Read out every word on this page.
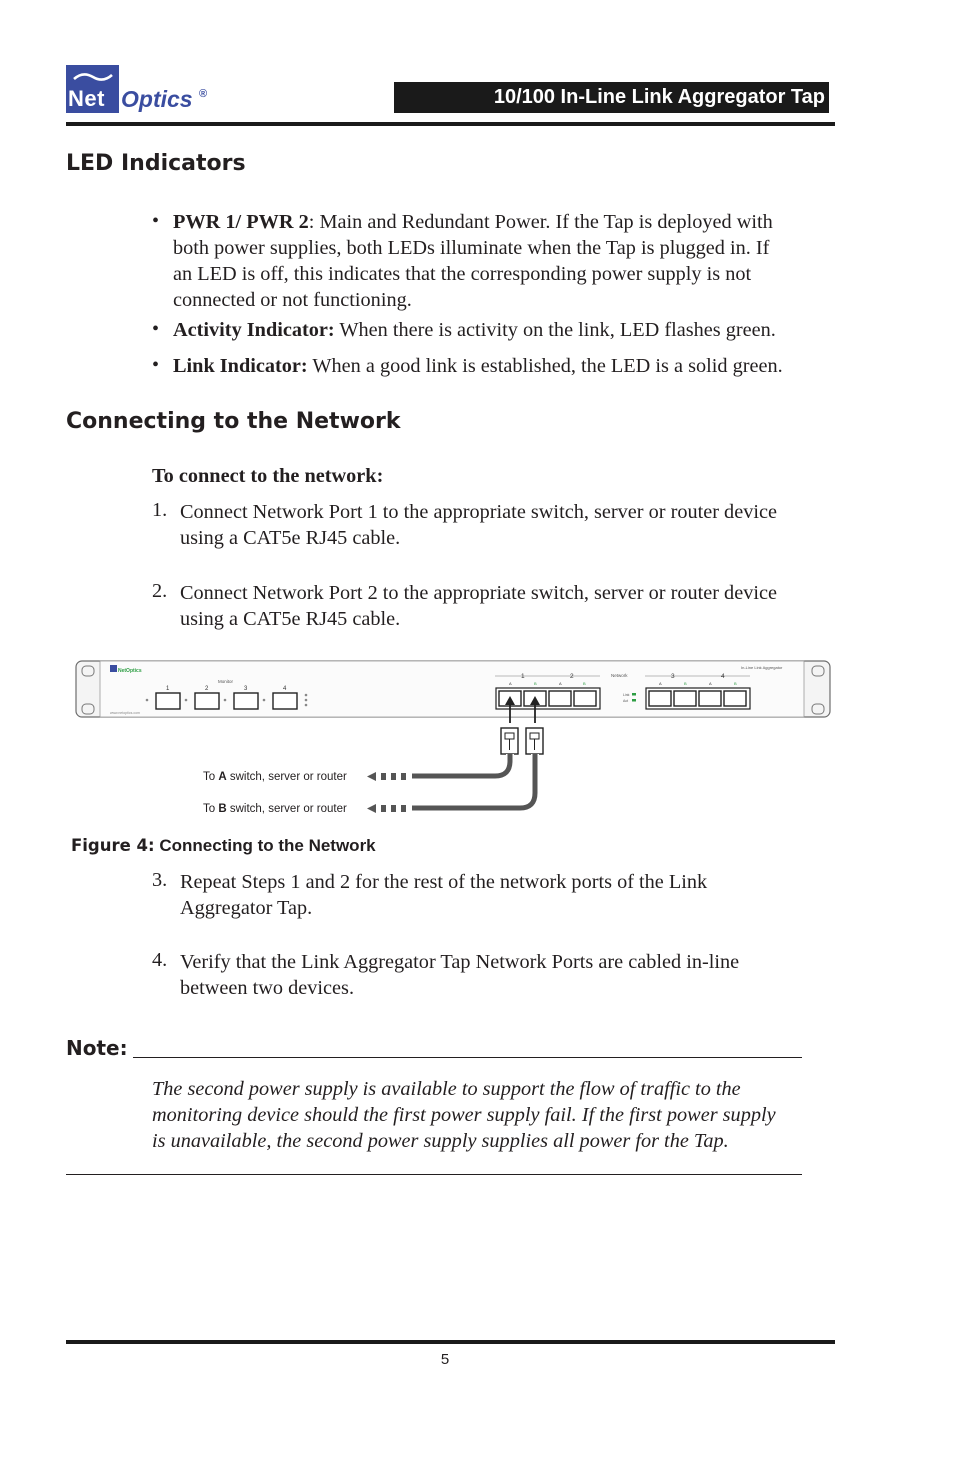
Net Optics ®	10/100 In-Line Link Aggregator Tap
LED Indicators
• PWR 1/ PWR 2: Main and Redundant Power. If the Tap is deployed with
both power supplies, both LEDs illuminate when the Tap is plugged in. If
an LED is off, this indicates that the corresponding power supply is not
connected or not functioning.
• Activity Indicator: When there is activity on the link, LED flashes green.
• Link Indicator: When a good link is established, the LED is a solid green.
Connecting to the Network
To connect to the network:
1. Connect Network Port 1 to the appropriate switch, server or router device
using a CAT5e RJ45 cable.
2. Connect Network Port 2 to the appropriate switch, server or router device
using a CAT5e RJ45 cable.
NetOptics
Monitor
www.netoptics.com
1	2	3	4
1	2
A	B	A	B
Network
Link
Act
3	4
A	B	A	B
In-Line Link Aggregator
To A switch, server or router
To B switch, server or router
Figure 4: Connecting to the Network
3. Repeat Steps 1 and 2 for the rest of the network ports of the Link
Aggregator Tap.
4. Verify that the Link Aggregator Tap Network Ports are cabled in-line
between two devices.
Note:
The second power supply is available to support the flow of traffic to the
monitoring device should the first power supply fail. If the first power supply
is unavailable, the second power supply supplies all power for the Tap.
5
